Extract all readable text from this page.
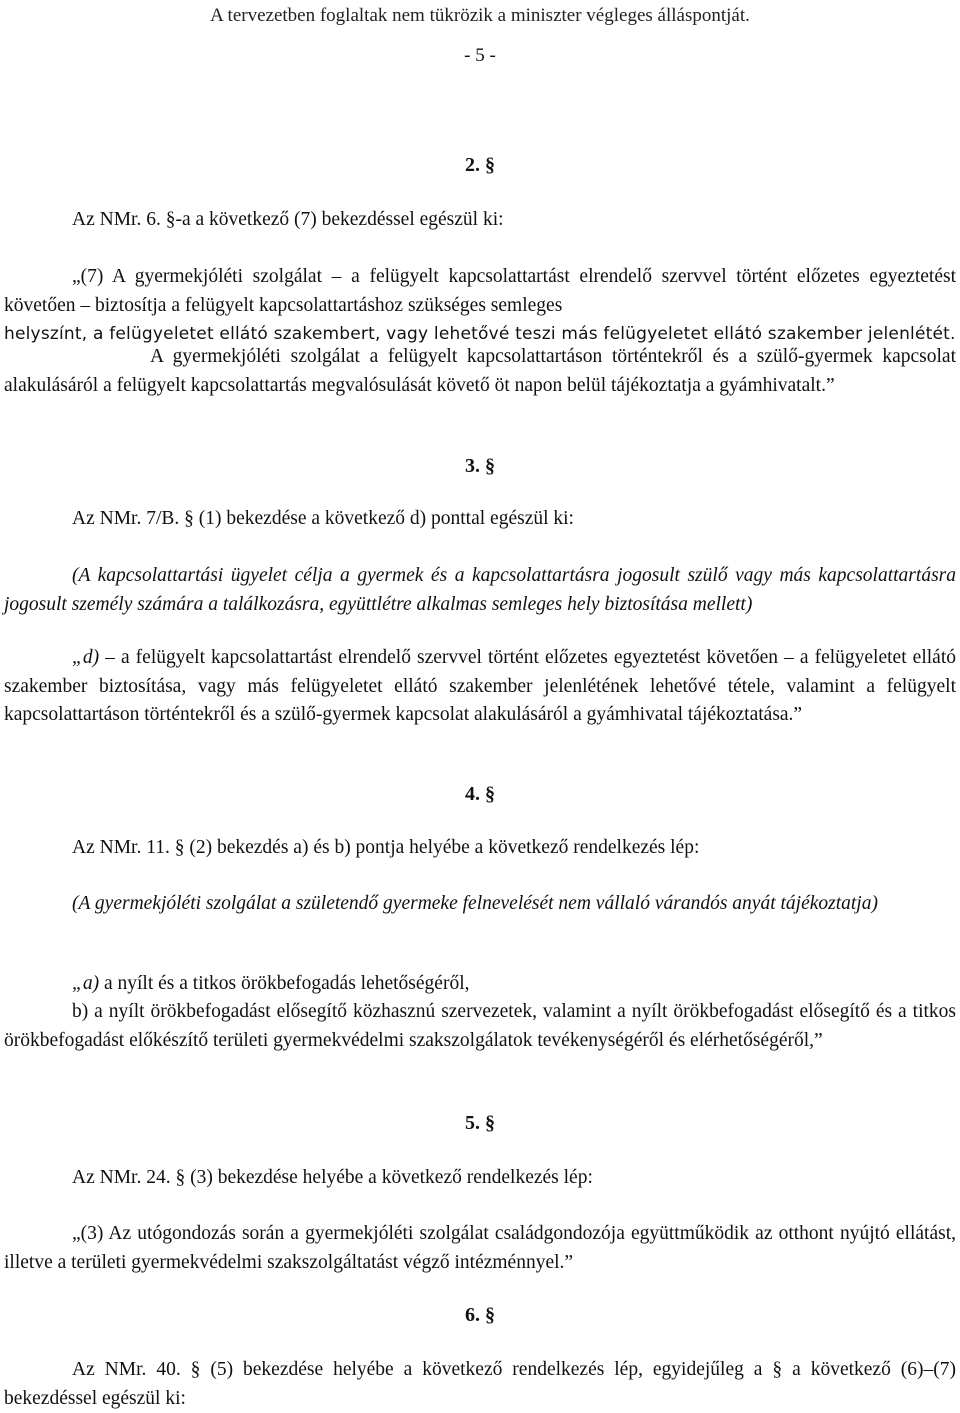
A tervezetben foglaltak nem tükrözik a miniszter végleges álláspontját.
- 5 -
2. §
Az NMr. 6. §-a a következő (7) bekezdéssel egészül ki:
„(7) A gyermekjóléti szolgálat – a felügyelt kapcsolattartást elrendelő szervvel történt előzetes egyeztetést követően – biztosítja a felügyelt kapcsolattartáshoz szükséges semleges
helyszínt, a felügyeletet ellátó szakembert, vagy lehetővé teszi más felügyeletet ellátó szakember jelenlétét.
A gyermekjóléti szolgálat a felügyelt kapcsolattartáson történtekről és a szülő-gyermek kapcsolat alakulásáról a felügyelt kapcsolattartás megvalósulását követő öt napon belül tájékoztatja a gyámhivatalt.”
3. §
Az NMr. 7/B. § (1) bekezdése a következő d) ponttal egészül ki:
(A kapcsolattartási ügyelet célja a gyermek és a kapcsolattartásra jogosult szülő vagy más kapcsolattartásra jogosult személy számára a találkozásra, együttlétre alkalmas semleges hely biztosítása mellett)
„d) – a felügyelt kapcsolattartást elrendelő szervvel történt előzetes egyeztetést követően – a felügyeletet ellátó szakember biztosítása, vagy más felügyeletet ellátó szakember jelenlétének lehetővé tétele, valamint a felügyelt kapcsolattartáson történtekről és a szülő-gyermek kapcsolat alakulásáról a gyámhivatal tájékoztatása.”
4. §
Az NMr. 11. § (2) bekezdés a) és b) pontja helyébe a következő rendelkezés lép:
(A gyermekjóléti szolgálat a születendő gyermeke felnevelését nem vállaló várandós anyát tájékoztatja)
„a) a nyílt és a titkos örökbefogadás lehetőségéről,
b) a nyílt örökbefogadást elősegítő közhasznú szervezetek, valamint a nyílt örökbefogadást elősegítő és a titkos örökbefogadást előkészítő területi gyermekvédelmi szakszolgálatok tevékenységéről és elérhetőségéről,”
5. §
Az NMr. 24. § (3) bekezdése helyébe a következő rendelkezés lép:
„(3) Az utógondozás során a gyermekjóléti szolgálat családgondozója együttműködik az otthont nyújtó ellátást, illetve a területi gyermekvédelmi szakszolgáltatást végző intézménnyel.”
6. §
Az NMr. 40. § (5) bekezdése helyébe a következő rendelkezés lép, egyidejűleg a § a következő (6)–(7) bekezdéssel egészül ki:
